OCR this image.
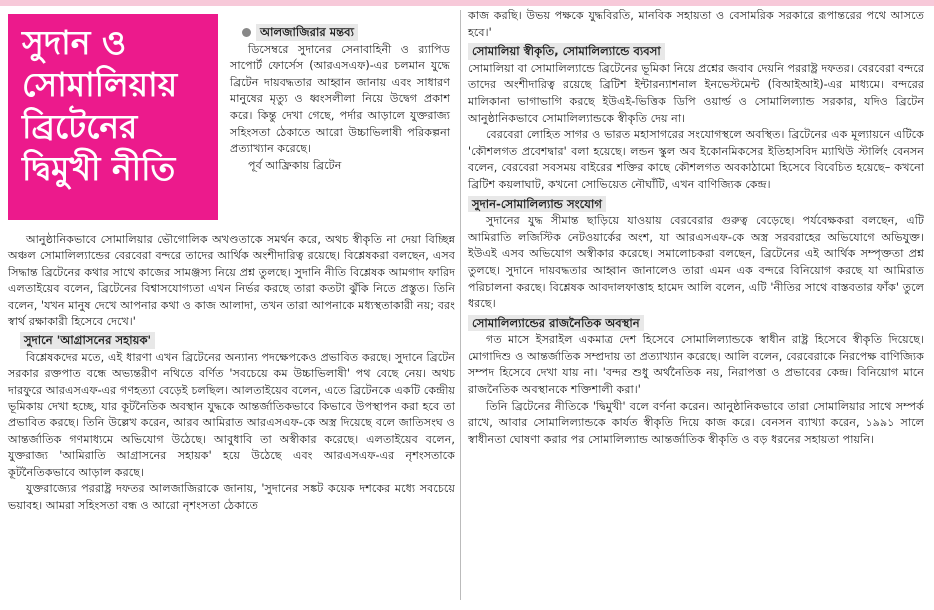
সুদান ও
সোমালিয়ায়
ব্রিটেনের
দ্বিমুখী নীতি
আলজাজিরার মন্তব্য

ডিসেম্বরে সুদানের সেনাবাহিনী ও র‍্যাপিড সাপোর্ট ফোর্সেস (আরএসএফ)-এর চলমান যুদ্ধে ব্রিটেন দায়বদ্ধতার আহ্বান জানায় এবং সাধারণ মানুষের মৃত্যু ও ধ্বংসলীলা নিয়ে উদ্বেগ প্রকাশ করে। কিন্তু দেখা গেছে, পর্দার আড়ালে যুক্তরাজ্য সহিংসতা ঠেকাতে আরো উচ্চাভিলাষী পরিকল্পনা প্রত্যাখ্যান করেছে।

পূর্ব আফ্রিকায় ব্রিটেন

আনুষ্ঠানিকভাবে সোমালিয়ার ভৌগোলিক অখণ্ডতাকে সমর্থন করে, অথচ স্বীকৃতি না দেয়া বিচ্ছিন্ন অঞ্চল সোমালিল্যান্ডের বেরবেরা বন্দরে তাদের আর্থিক অংশীদারিত্ব রয়েছে। বিশ্লেষকরা বলছেন, এসব সিদ্ধান্ত ব্রিটেনের কথার সাথে কাজের সামঞ্জস্য নিয়ে প্রশ্ন তুলছে। সুদানি নীতি বিশ্লেষক আমগাদ ফারিদ এলতাইয়েব বলেন, ব্রিটেনের বিশ্বাসযোগ্যতা এখন নির্ভর করছে তারা কতটা ঝুঁকি নিতে প্রস্তুত। তিনি বলেন, 'যখন মানুষ দেখে আপনার কথা ও কাজ আলাদা, তখন তারা আপনাকে মধ্যস্থতাকারী নয়; বরং স্বার্থ রক্ষাকারী হিসেবে দেখে।'

সুদানে 'আগ্রাসনের সহায়ক'

বিশ্লেষকদের মতে, এই ধারণা এখন ব্রিটেনের অন্যান্য পদক্ষেপকেও প্রভাবিত করছে। সুদানে ব্রিটেন সরকার রক্তপাত বন্ধে অভ্যন্তরীণ নথিতে বর্ণিত 'সবচেয়ে কম উচ্চাভিলাষী' পথ বেছে নেয়। অথচ দারফুরে আরএসএফ-এর গণহত্যা বেড়েই চলছিল। আলতাইয়েব বলেন, এতে ব্রিটেনকে একটি কেন্দ্রীয় ভূমিকায় দেখা হচ্ছে, যার কূটনৈতিক অবস্থান যুদ্ধকে আন্তর্জাতিকভাবে কিভাবে উপস্থাপন করা হবে তা প্রভাবিত করছে। তিনি উল্লেখ করেন, আরব আমিরাত আরএসএফ-কে অস্ত্র দিয়েছে বলে জাতিসংঘ ও আন্তর্জাতিক গণমাধ্যমে অভিযোগ উঠেছে। আবুধাবি তা অস্বীকার করেছে। এলতাইয়েব বলেন, যুক্তরাজ্য 'আমিরাতি আগ্রাসনের সহায়ক' হয়ে উঠেছে এবং আরএসএফ-এর নৃশংসতাকে কূটনৈতিকভাবে আড়াল করছে।

যুক্তরাজ্যের পররাষ্ট্র দফতর আলজাজিরাকে জানায়, 'সুদানের সঙ্কট কয়েক দশকের মধ্যে সবচেয়ে ভয়াবহ। আমরা সহিংসতা বন্ধ ও আরো নৃশংসতা ঠেকাতে

কাজ করছি। উভয় পক্ষকে যুদ্ধবিরতি, মানবিক সহায়তা ও বেসামরিক সরকারে রূপান্তরের পথে আসতে হবে।'

সোমালিয়া স্বীকৃতি, সোমালিল্যান্ডে ব্যবসা

সোমালিয়া বা সোমালিল্যান্ডে ব্রিটেনের ভূমিকা নিয়ে প্রশ্নের জবাব দেয়নি পররাষ্ট্র দফতর। বেরবেরা বন্দরে তাদের অংশীদারিত্ব রয়েছে ব্রিটিশ ইন্টারন্যাশনাল ইনভেস্টমেন্ট (বিআইআই)-এর মাধ্যমে। বন্দরের মালিকানা ভাগাভাগি করছে ইউএই-ভিত্তিক ডিপি ওয়ার্ল্ড ও সোমালিল্যান্ড সরকার, যদিও ব্রিটেন আনুষ্ঠানিকভাবে সোমালিল্যান্ডকে স্বীকৃতি দেয় না।

বেরবেরা লোহিত সাগর ও ভারত মহাসাগরের সংযোগস্থলে অবস্থিত। ব্রিটেনের এক মূল্যায়নে এটিকে 'কৌশলগত প্রবেশদ্বার' বলা হয়েছে। লন্ডন স্কুল অব ইকোনমিকসের ইতিহাসবিদ ম্যাথিউ স্টার্লিং বেনসন বলেন, বেরবেরা সবসময় বাইরের শক্তির কাছে কৌশলগত অবকাঠামো হিসেবে বিবেচিত হয়েছে– কখনো ব্রিটিশ কয়লাঘাট, কখনো সোভিয়েত নৌঘাঁটি, এখন বাণিজ্যিক কেন্দ্র।

সুদান-সোমালিল্যান্ড সংযোগ

সুদানের যুদ্ধ সীমান্ত ছাড়িয়ে যাওয়ায় বেরবেরার গুরুত্ব বেড়েছে। পর্যবেক্ষকরা বলছেন, এটি আমিরাতি লজিস্টিক নেটওয়ার্কের অংশ, যা আরএসএফ-কে অস্ত্র সরবরাহের অভিযোগে অভিযুক্ত। ইউএই এসব অভিযোগ অস্বীকার করেছে। সমালোচকরা বলছেন, ব্রিটেনের এই আর্থিক সম্পৃক্ততা প্রশ্ন তুলছে। সুদানে দায়বদ্ধতার আহ্বান জানালেও তারা এমন এক বন্দরে বিনিয়োগ করছে যা আমিরাত পরিচালনা করছে। বিশ্লেষক আবদালফাত্তাহ হামেদ আলি বলেন, এটি 'নীতির সাথে বাস্তবতার ফাঁক' তুলে ধরছে।

সোমালিল্যান্ডের রাজনৈতিক অবস্থান

গত মাসে ইসরাইল একমাত্র দেশ হিসেবে সোমালিল্যান্ডকে স্বাধীন রাষ্ট্র হিসেবে স্বীকৃতি দিয়েছে। মোগাদিশু ও আন্তর্জাতিক সম্প্রদায় তা প্রত্যাখ্যান করেছে। আলি বলেন, বেরবেরাকে নিরপেক্ষ বাণিজ্যিক সম্পদ হিসেবে দেখা যায় না। 'বন্দর শুধু অর্থনৈতিক নয়, নিরাপত্তা ও প্রভাবের কেন্দ্র। বিনিয়োগ মানে রাজনৈতিক অবস্থানকে শক্তিশালী করা।'

তিনি ব্রিটেনের নীতিকে 'দ্বিমুখী' বলে বর্ণনা করেন। আনুষ্ঠানিকভাবে তারা সোমালিয়ার সাথে সম্পর্ক রাখে, আবার সোমালিল্যান্ডকে কার্যত স্বীকৃতি দিয়ে কাজ করে। বেনসন ব্যাখ্যা করেন, ১৯৯১ সালে স্বাধীনতা ঘোষণা করার পর সোমালিল্যান্ড আন্তর্জাতিক স্বীকৃতি ও বড় ধরনের সহায়তা পায়নি।
